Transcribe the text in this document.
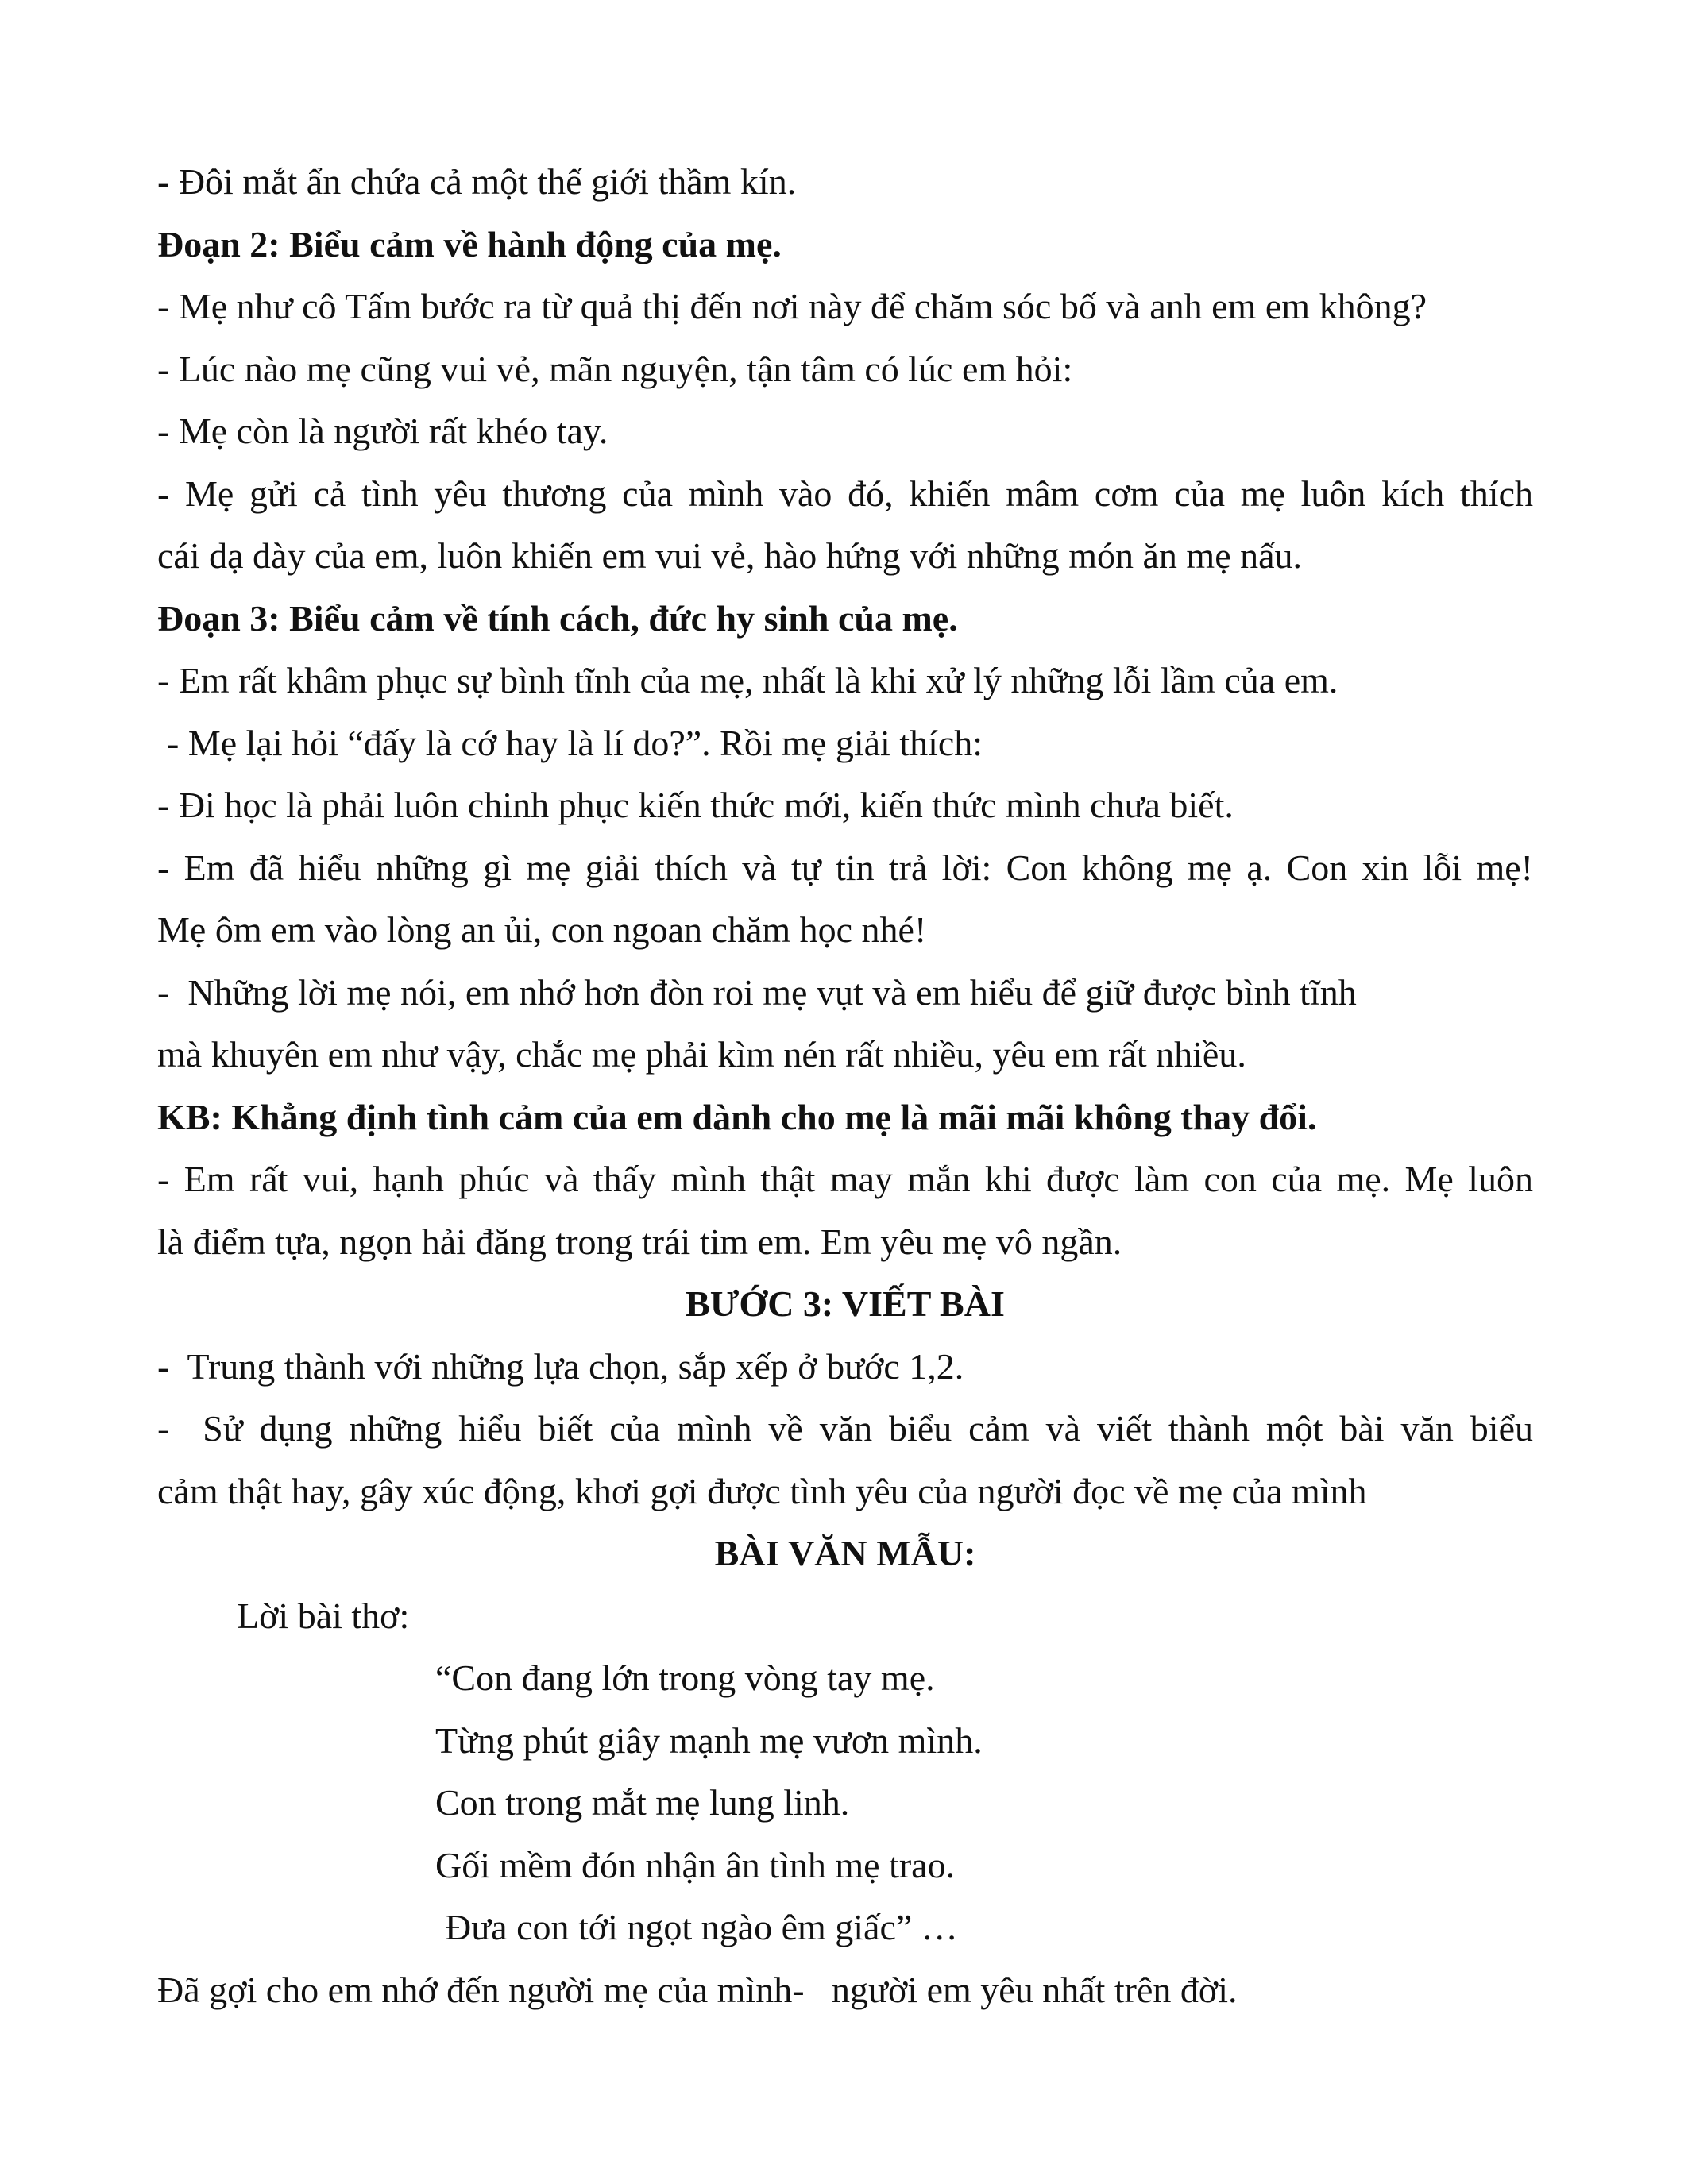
- Đôi mắt ẩn chứa cả một thế giới thầm kín.

Đoạn 2: Biểu cảm về hành động của mẹ.

- Mẹ như cô Tấm bước ra từ quả thị đến nơi này để chăm sóc bố và anh em em không?

- Lúc nào mẹ cũng vui vẻ, mãn nguyện, tận tâm có lúc em hỏi:

- Mẹ còn là người rất khéo tay.

- Mẹ gửi cả tình yêu thương của mình vào đó, khiến mâm cơm của mẹ luôn kích thích

cái dạ dày của em, luôn khiến em vui vẻ, hào hứng với những món ăn mẹ nấu.

Đoạn 3: Biểu cảm về tính cách, đức hy sinh của mẹ.

- Em rất khâm phục sự bình tĩnh của mẹ, nhất là khi xử lý những lỗi lầm của em.

- Mẹ lại hỏi “đấy là cớ hay là lí do?”. Rồi mẹ giải thích:

- Đi học là phải luôn chinh phục kiến thức mới, kiến thức mình chưa biết.

- Em đã hiểu những gì mẹ giải thích và tự tin trả lời: Con không mẹ ạ. Con xin lỗi mẹ!

Mẹ ôm em vào lòng an ủi, con ngoan chăm học nhé!

-  Những lời mẹ nói, em nhớ hơn đòn roi mẹ vụt và em hiểu để giữ được bình tĩnh

mà khuyên em như vậy, chắc mẹ phải kìm nén rất nhiều, yêu em rất nhiều.

KB: Khẳng định tình cảm của em dành cho mẹ là mãi mãi không thay đổi.

- Em rất vui, hạnh phúc và thấy mình thật may mắn khi được làm con của mẹ. Mẹ luôn

là điểm tựa, ngọn hải đăng trong trái tim em. Em yêu mẹ vô ngần.

BƯỚC 3: VIẾT BÀI

-  Trung thành với những lựa chọn, sắp xếp ở bước 1,2.

-  Sử dụng những hiểu biết của mình về văn biểu cảm và viết thành một bài văn biểu

cảm thật hay, gây xúc động, khơi gợi được tình yêu của người đọc về mẹ của mình

BÀI VĂN MẪU:

Lời bài thơ:

“Con đang lớn trong vòng tay mẹ.

Từng phút giây mạnh mẹ vươn mình.

Con trong mắt mẹ lung linh.

Gối mềm đón nhận ân tình mẹ trao.

Đưa con tới ngọt ngào êm giấc” …

Đã gợi cho em nhớ đến người mẹ của mình-   người em yêu nhất trên đời.
